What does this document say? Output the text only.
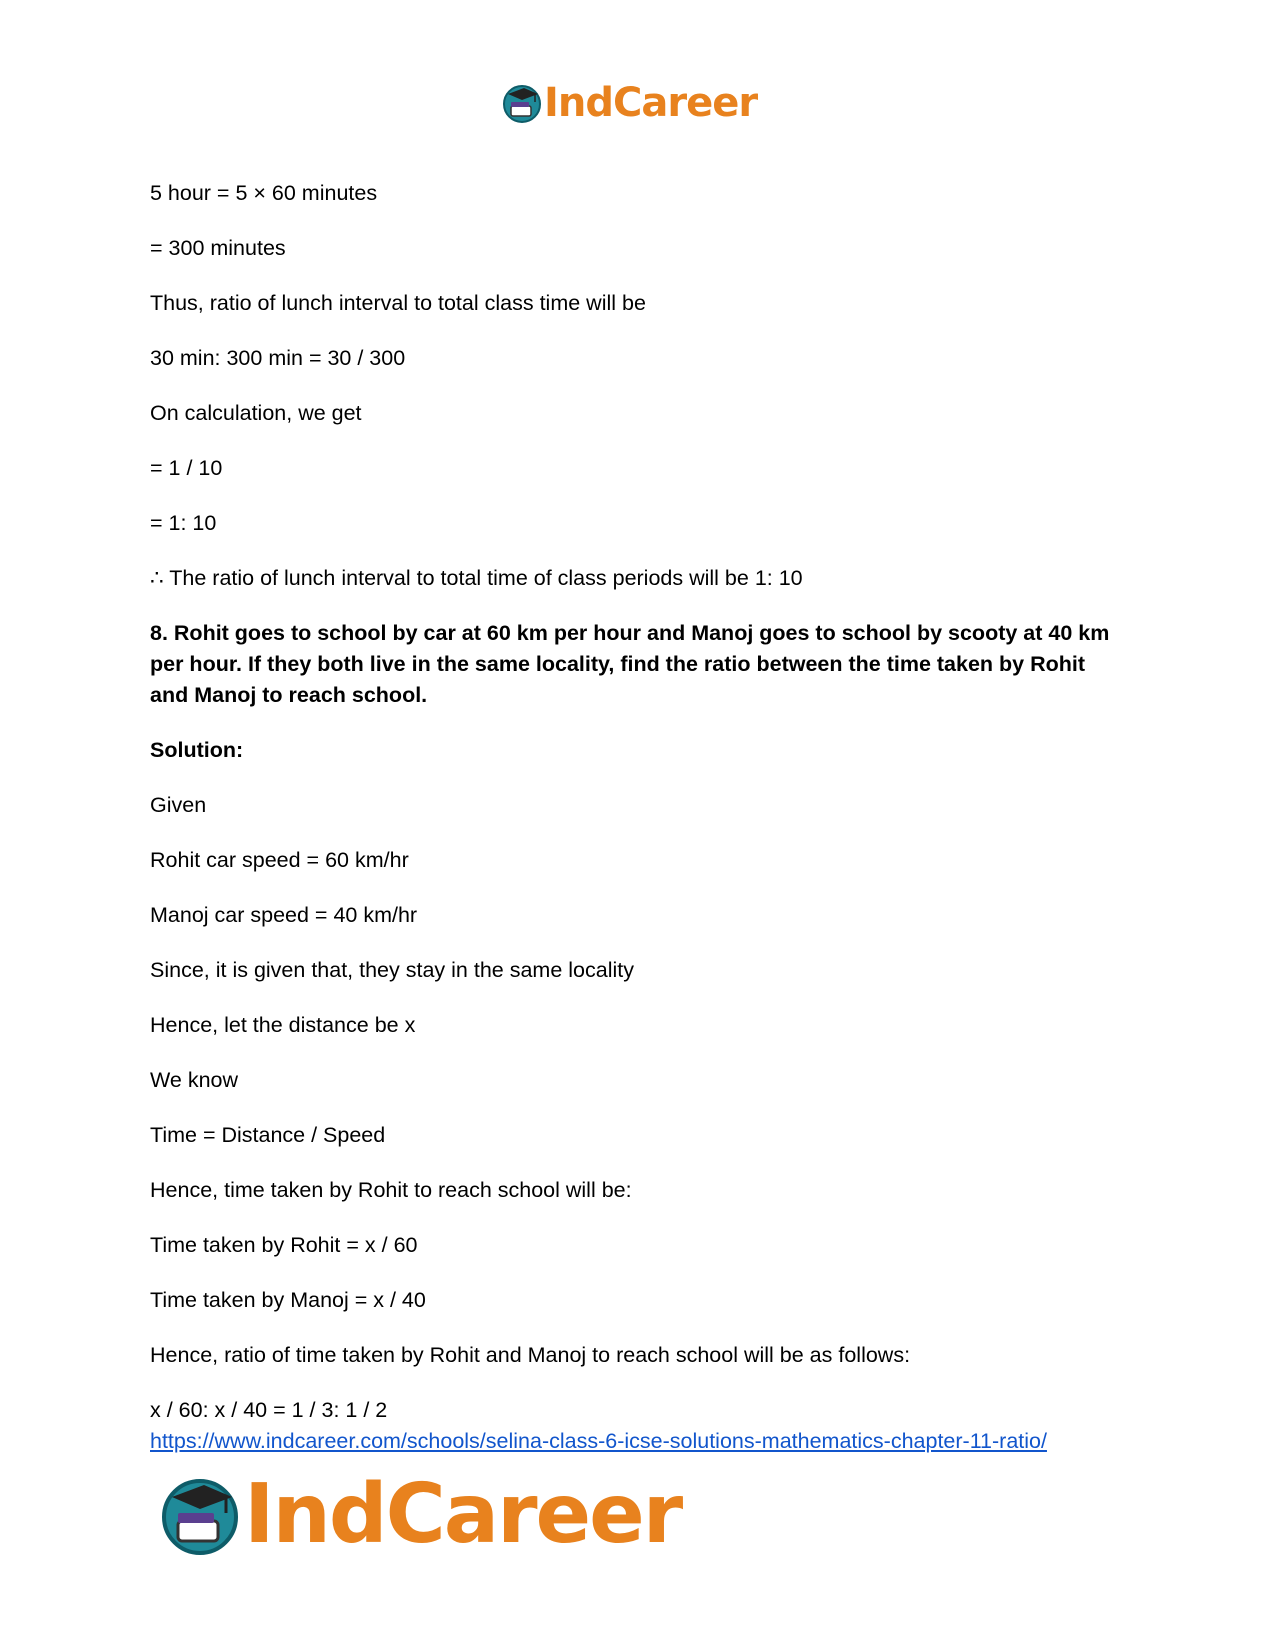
IndCareer

5 hour = 5 × 60 minutes

= 300 minutes

Thus, ratio of lunch interval to total class time will be

30 min: 300 min = 30 / 300

On calculation, we get

= 1 / 10

= 1: 10

∴ The ratio of lunch interval to total time of class periods will be 1: 10

8. Rohit goes to school by car at 60 km per hour and Manoj goes to school by scooty at 40 km per hour. If they both live in the same locality, find the ratio between the time taken by Rohit and Manoj to reach school.

Solution:

Given

Rohit car speed = 60 km/hr

Manoj car speed = 40 km/hr

Since, it is given that, they stay in the same locality

Hence, let the distance be x

We know

Time = Distance / Speed

Hence, time taken by Rohit to reach school will be:

Time taken by Rohit = x / 60

Time taken by Manoj = x / 40

Hence, ratio of time taken by Rohit and Manoj to reach school will be as follows:

x / 60: x / 40 = 1 / 3: 1 / 2

https://www.indcareer.com/schools/selina-class-6-icse-solutions-mathematics-chapter-11-ratio/
IndCareer
